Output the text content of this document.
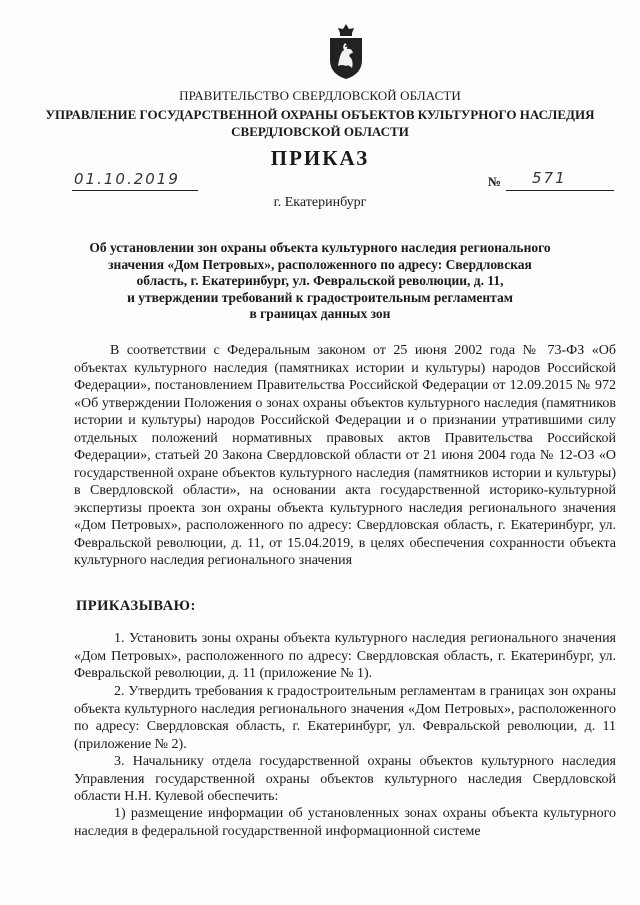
ПРАВИТЕЛЬСТВО СВЕРДЛОВСКОЙ ОБЛАСТИ
УПРАВЛЕНИЕ ГОСУДАРСТВЕННОЙ ОХРАНЫ ОБЪЕКТОВ КУЛЬТУРНОГО НАСЛЕДИЯ
СВЕРДЛОВСКОЙ ОБЛАСТИ
ПРИКАЗ
01.10.2019	№ 571
г. Екатеринбург
Об установлении зон охраны объекта культурного наследия регионального
значения «Дом Петровых», расположенного по адресу: Свердловская
область, г. Екатеринбург, ул. Февральской революции, д. 11,
и утверждении требований к градостроительным регламентам
в границах данных зон
В соответствии с Федеральным законом от 25 июня 2002 года № 73-ФЗ «Об объектах культурного наследия (памятниках истории и культуры) народов Российской Федерации», постановлением Правительства Российской Федерации от 12.09.2015 № 972 «Об утверждении Положения о зонах охраны объектов культурного наследия (памятников истории и культуры) народов Российской Федерации и о признании утратившими силу отдельных положений нормативных правовых актов Правительства Российской Федерации», статьей 20 Закона Свердловской области от 21 июня 2004 года № 12-ОЗ «О государственной охране объектов культурного наследия (памятников истории и культуры) в Свердловской области», на основании акта государственной историко-культурной экспертизы проекта зон охраны объекта культурного наследия регионального значения «Дом Петровых», расположенного по адресу: Свердловская область, г. Екатеринбург, ул. Февральской революции, д. 11, от 15.04.2019, в целях обеспечения сохранности объекта культурного наследия регионального значения
ПРИКАЗЫВАЮ:
1. Установить зоны охраны объекта культурного наследия регионального значения «Дом Петровых», расположенного по адресу: Свердловская область, г. Екатеринбург, ул. Февральской революции, д. 11 (приложение № 1).
2. Утвердить требования к градостроительным регламентам в границах зон охраны объекта культурного наследия регионального значения «Дом Петровых», расположенного по адресу: Свердловская область, г. Екатеринбург, ул. Февральской революции, д. 11 (приложение № 2).
3. Начальнику отдела государственной охраны объектов культурного наследия Управления государственной охраны объектов культурного наследия Свердловской области Н.Н. Кулевой обеспечить:
1) размещение информации об установленных зонах охраны объекта культурного наследия в федеральной государственной информационной системе
